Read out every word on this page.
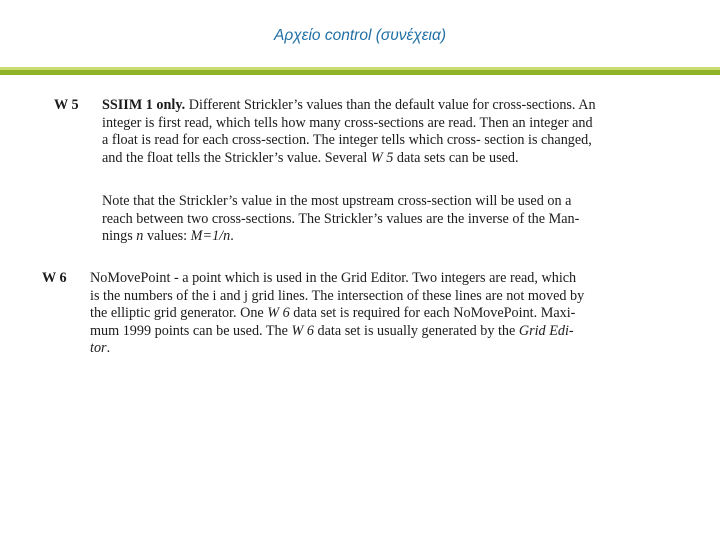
Αρχείο control (συνέχεια)
W 5 SSIIM 1 only. Different Strickler’s values than the default value for cross-sections. An
integer is first read, which tells how many cross-sections are read. Then an integer and
a float is read for each cross-section. The integer tells which cross- section is changed,
and the float tells the Strickler’s value. Several W 5 data sets can be used.
Note that the Strickler’s value in the most upstream cross-section will be used on a
reach between two cross-sections. The Strickler’s values are the inverse of the Man-
nings n values: M=1/n.
W 6 NoMovePoint - a point which is used in the Grid Editor. Two integers are read, which
is the numbers of the i and j grid lines. The intersection of these lines are not moved by
the elliptic grid generator. One W 6 data set is required for each NoMovePoint. Maxi-
mum 1999 points can be used. The W 6 data set is usually generated by the Grid Edi-
tor.
